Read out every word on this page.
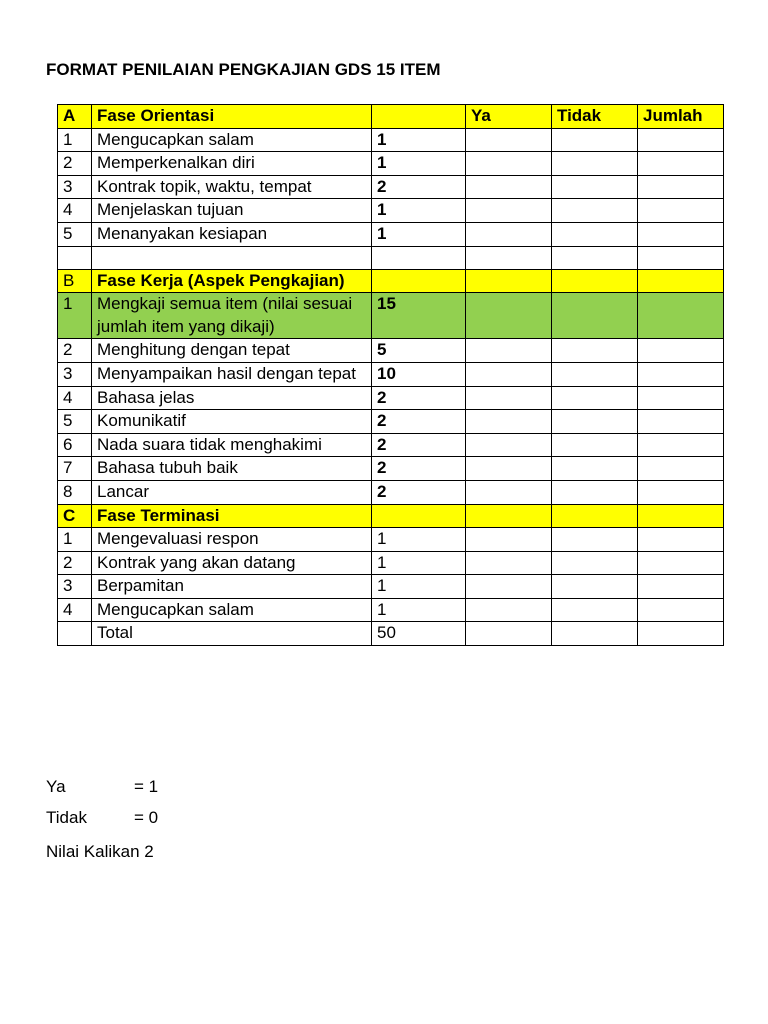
FORMAT PENILAIAN PENGKAJIAN GDS 15 ITEM
A	Fase Orientasi		Ya	Tidak	Jumlah
1	Mengucapkan salam	1			
2	Memperkenalkan diri	1			
3	Kontrak topik, waktu, tempat	2			
4	Menjelaskan tujuan	1			
5	Menanyakan kesiapan	1			

B	Fase Kerja (Aspek Pengkajian)				
1	Mengkaji semua item (nilai sesuai jumlah item yang dikaji)	15			
2	Menghitung dengan tepat	5			
3	Menyampaikan hasil dengan tepat	10			
4	Bahasa jelas	2			
5	Komunikatif	2			
6	Nada suara tidak menghakimi	2			
7	Bahasa tubuh baik	2			
8	Lancar	2			
C	Fase Terminasi				
1	Mengevaluasi respon	1			
2	Kontrak yang akan datang	1			
3	Berpamitan	1			
4	Mengucapkan salam	1			
	Total	50			
Ya	= 1
Tidak	= 0
Nilai Kalikan 2
